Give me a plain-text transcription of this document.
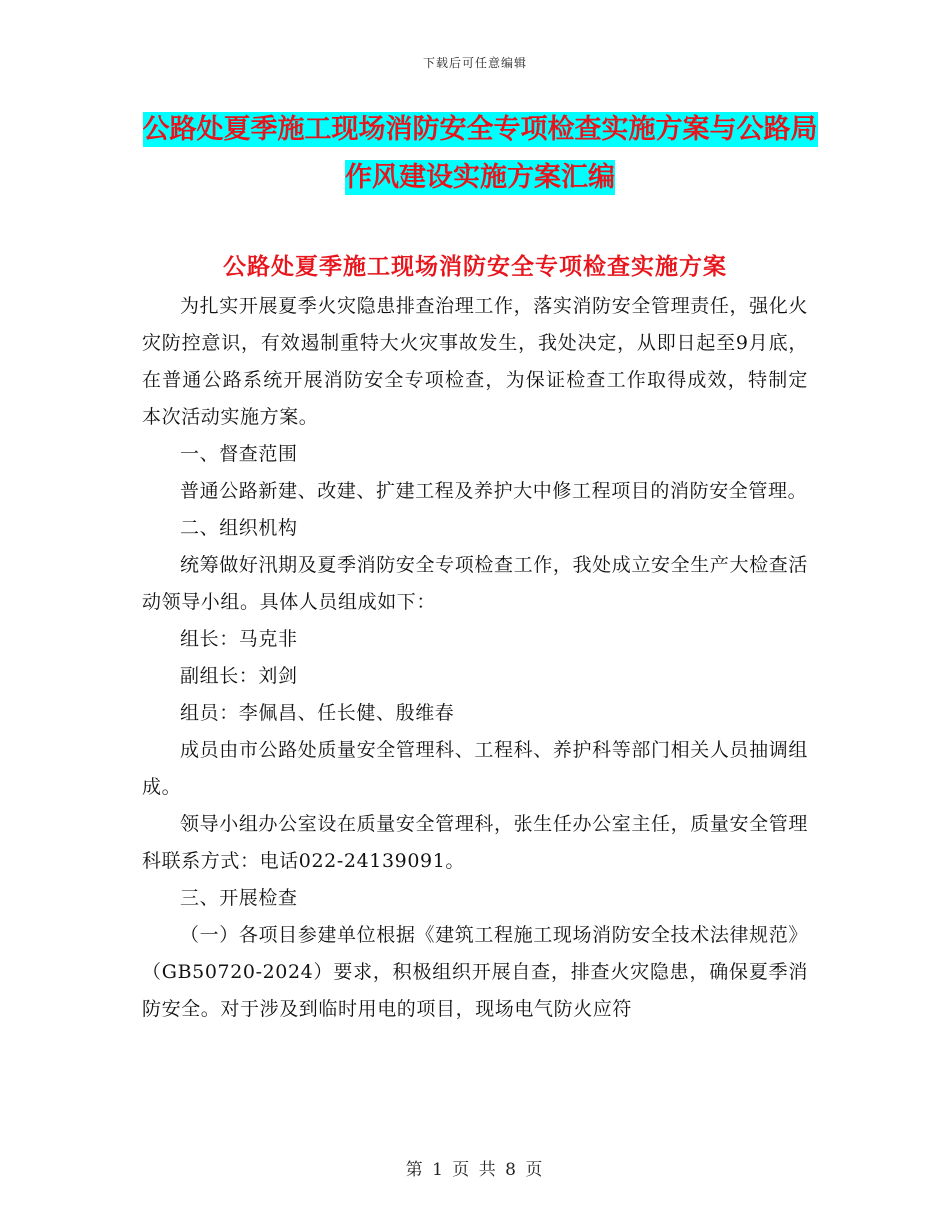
下载后可任意编辑
公路处夏季施工现场消防安全专项检查实施方案与公路局作风建设实施方案汇编
公路处夏季施工现场消防安全专项检查实施方案

为扎实开展夏季火灾隐患排查治理工作，落实消防安全管理责任，强化火灾防控意识，有效遏制重特大火灾事故发生，我处决定，从即日起至9月底，在普通公路系统开展消防安全专项检查，为保证检查工作取得成效，特制定本次活动实施方案。

一、督查范围

普通公路新建、改建、扩建工程及养护大中修工程项目的消防安全管理。

二、组织机构

统筹做好汛期及夏季消防安全专项检查工作，我处成立安全生产大检查活动领导小组。具体人员组成如下：

组长：马克非

副组长：刘剑

组员：李佩昌、任长健、殷维春

成员由市公路处质量安全管理科、工程科、养护科等部门相关人员抽调组成。

领导小组办公室设在质量安全管理科，张生任办公室主任，质量安全管理科联系方式：电话022-24139091。

三、开展检查

（一）各项目参建单位根据《建筑工程施工现场消防安全技术法律规范》（GB50720-2024）要求，积极组织开展自查，排查火灾隐患，确保夏季消防安全。对于涉及到临时用电的项目，现场电气防火应符

第 1 页 共 8 页
